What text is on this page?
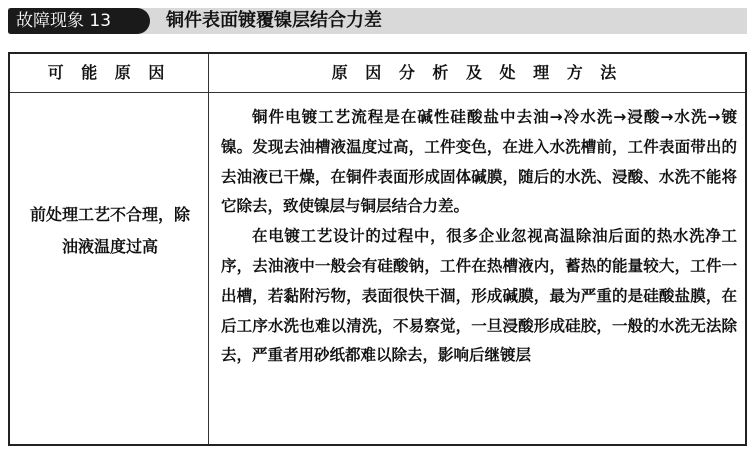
故障现象 13	铜件表面镀覆镍层结合力差
可 能 原 因	原 因 分 析 及 处 理 方 法
前处理工艺不合理，除油液温度过高

铜件电镀工艺流程是在碱性硅酸盐中去油→冷水洗→浸酸→水洗→镀镍。发现去油槽液温度过高，工件变色，在进入水洗槽前，工件表面带出的去油液已干燥，在铜件表面形成固体碱膜，随后的水洗、浸酸、水洗不能将它除去，致使镍层与铜层结合力差。

在电镀工艺设计的过程中，很多企业忽视高温除油后面的热水洗净工序，去油液中一般会有硅酸钠，工件在热槽液内，蓄热的能量较大，工件一出槽，若黏附污物，表面很快干涸，形成碱膜，最为严重的是硅酸盐膜，在后工序水洗也难以清洗，不易察觉，一旦浸酸形成硅胶，一般的水洗无法除去，严重者用砂纸都难以除去，影响后继镀层
